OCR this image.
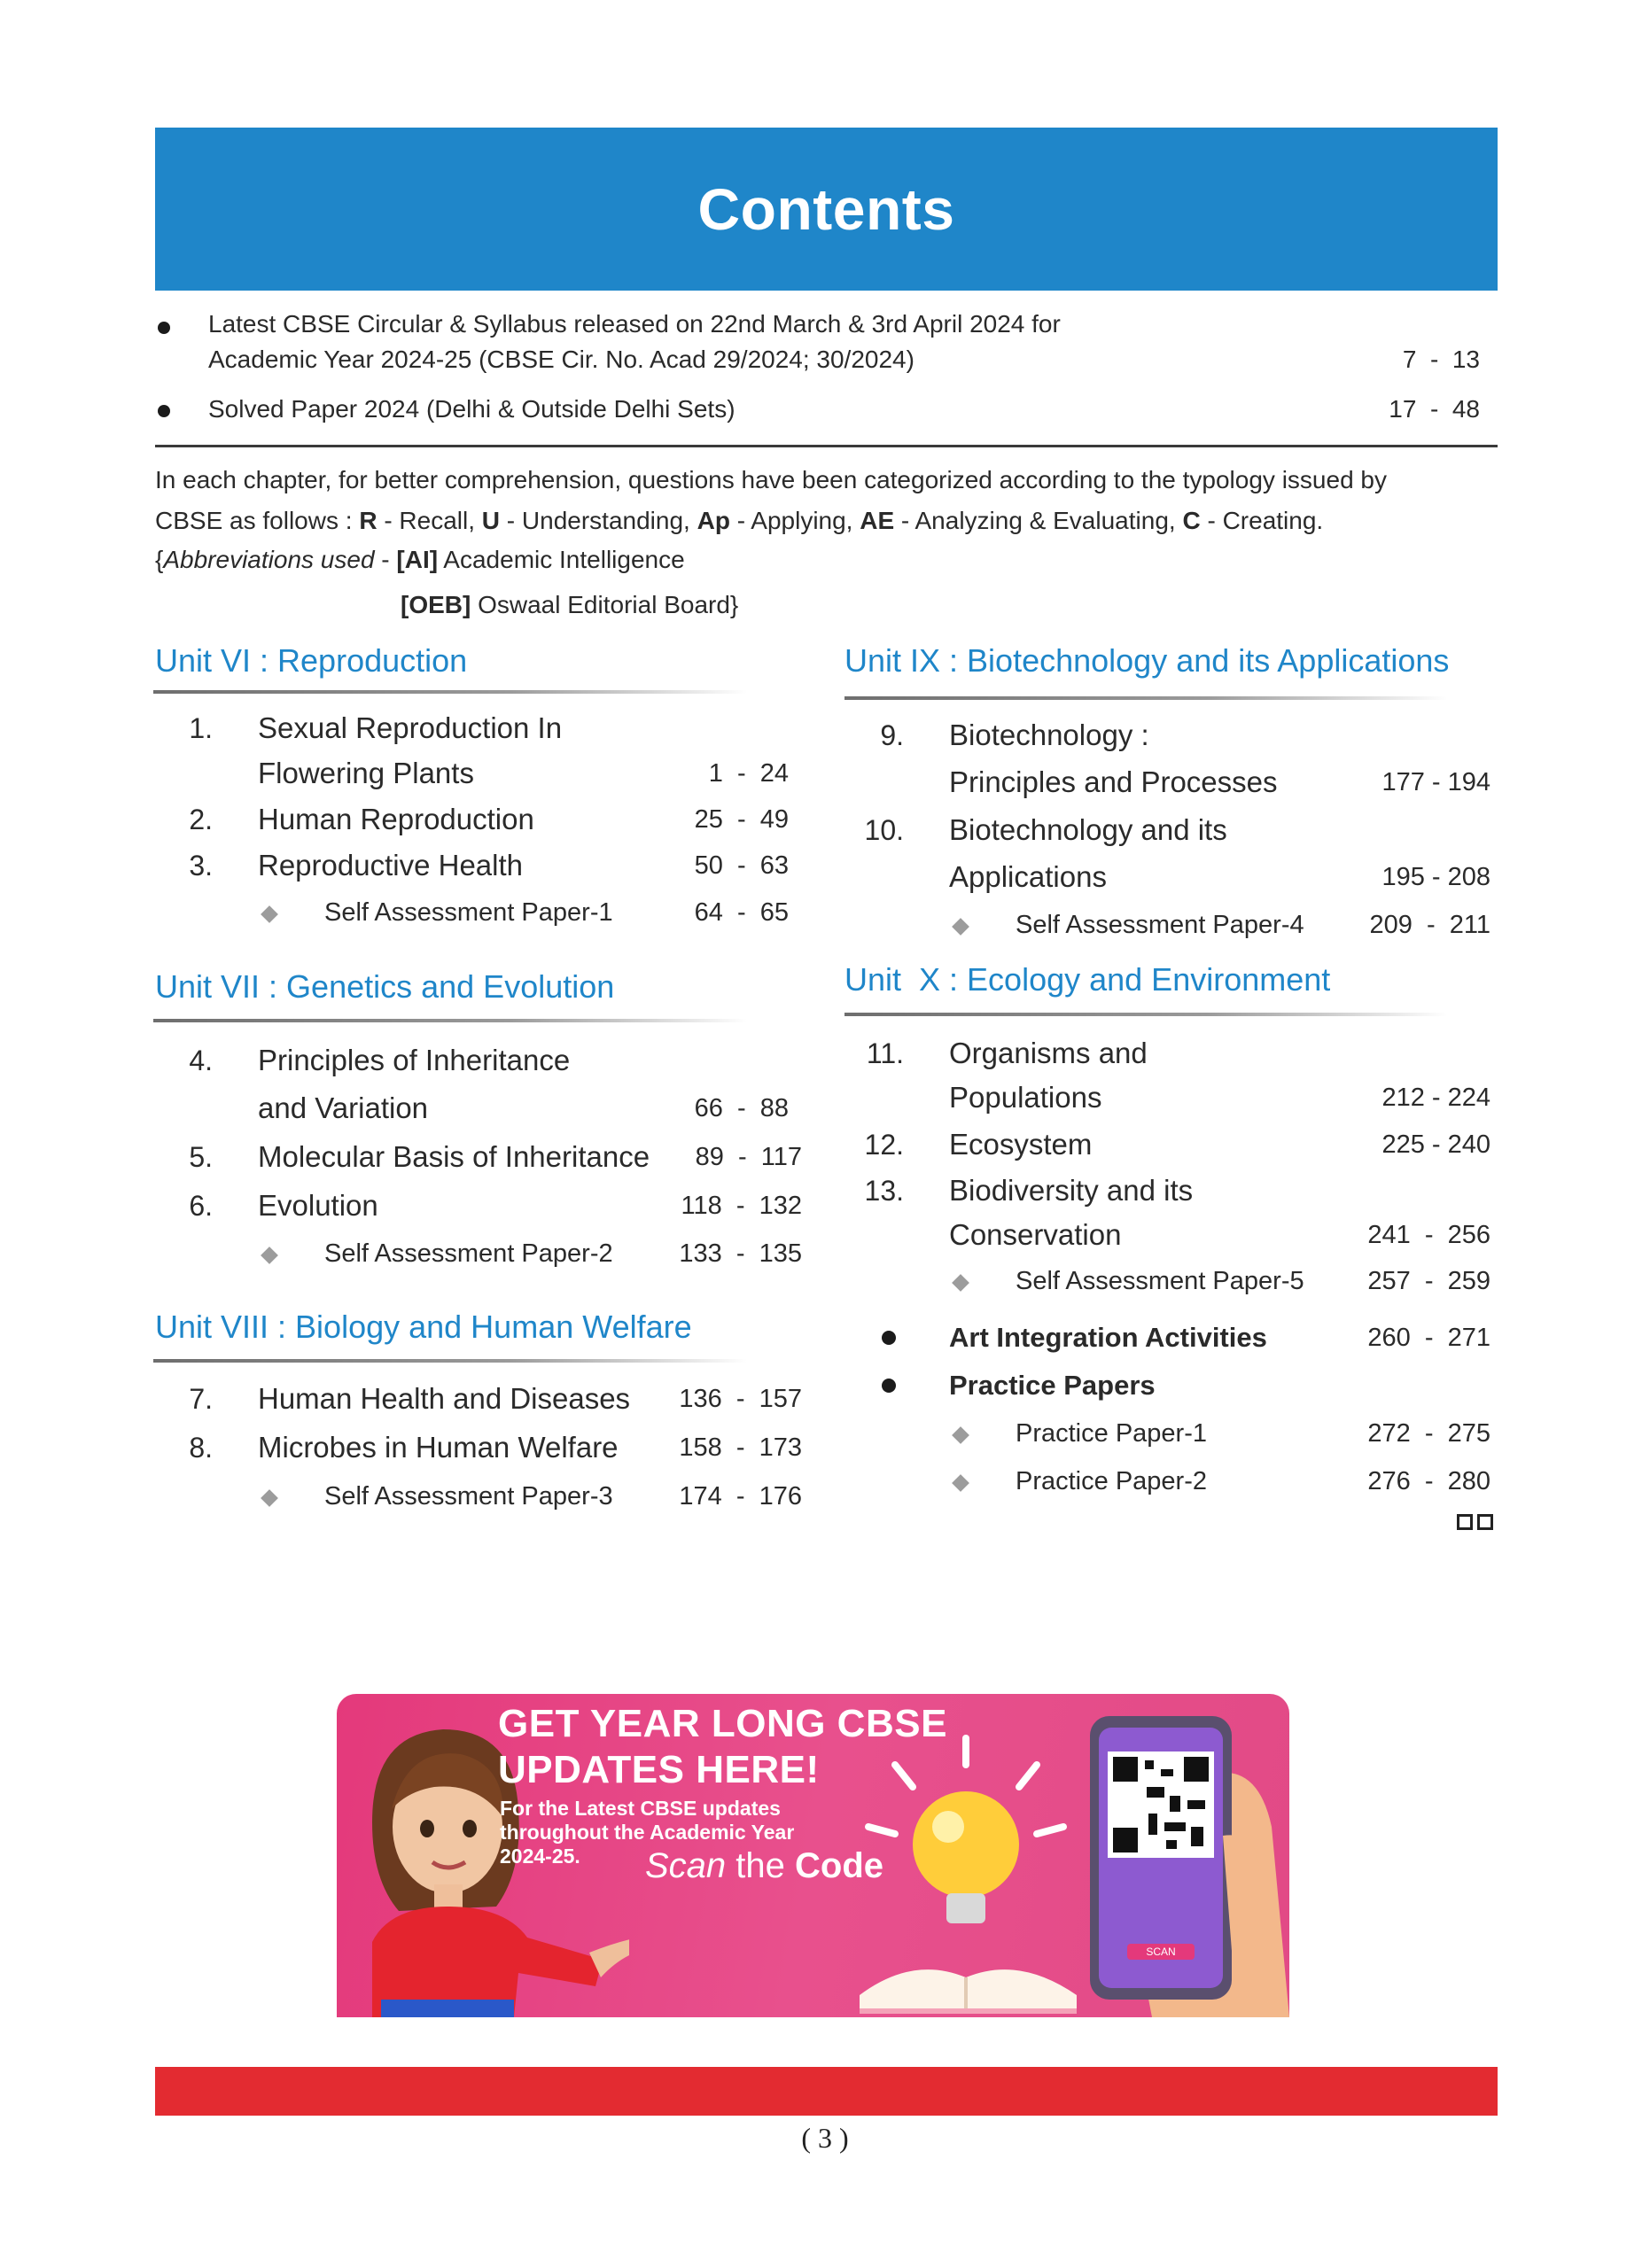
Contents
Latest CBSE Circular & Syllabus released on 22nd March & 3rd April 2024 for
Academic Year 2024-25 (CBSE Cir. No. Acad 29/2024; 30/2024)	7  -  13
Solved Paper 2024 (Delhi & Outside Delhi Sets)	17  -  48
In each chapter, for better comprehension, questions have been categorized according to the typology issued by
CBSE as follows : R - Recall, U - Understanding, Ap - Applying, AE - Analyzing & Evaluating, C - Creating.
{Abbreviations used - [AI] Academic Intelligence
[OEB] Oswaal Editorial Board}
Unit VI : Reproduction
1. Sexual Reproduction In
Flowering Plants	1  -  24
2. Human Reproduction	25  -  49
3. Reproductive Health	50  -  63
Self Assessment Paper-1	64  -  65
Unit VII : Genetics and Evolution
4. Principles of Inheritance
and Variation	66  -  88
5. Molecular Basis of Inheritance	89  -  117
6. Evolution	118  -  132
Self Assessment Paper-2	133  -  135
Unit VIII : Biology and Human Welfare
7. Human Health and Diseases	136  -  157
8. Microbes in Human Welfare	158  -  173
Self Assessment Paper-3	174  -  176
Unit IX : Biotechnology and its Applications
9. Biotechnology :
Principles and Processes	177 - 194
10. Biotechnology and its
Applications	195 - 208
Self Assessment Paper-4	209  -  211
Unit  X : Ecology and Environment
11. Organisms and
Populations	212 - 224
12. Ecosystem	225 - 240
13. Biodiversity and its
Conservation	241  -  256
Self Assessment Paper-5	257  -  259
Art Integration Activities	260  -  271
Practice Papers
Practice Paper-1	272  -  275
Practice Paper-2	276  -  280
GET YEAR LONG CBSE
UPDATES HERE!
For the Latest CBSE updates
throughout the Academic Year
2024-25.	Scan the Code
SCAN
( 3 )
